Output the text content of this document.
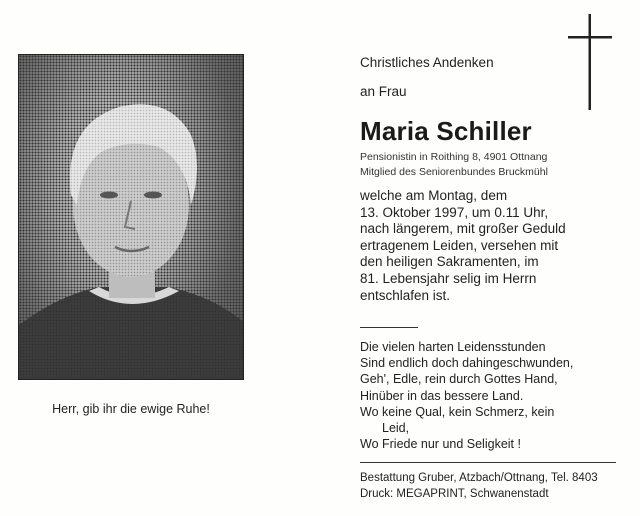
Herr, gib ihr die ewige Ruhe!
Christliches Andenken
an Frau
Maria Schiller
Pensionistin in Roithing 8, 4901 Ottnang
Mitglied des Seniorenbundes Bruckmühl
welche am Montag, dem
13. Oktober 1997, um 0.11 Uhr,
nach längerem, mit großer Geduld
ertragenem Leiden, versehen mit
den heiligen Sakramenten, im
81. Lebensjahr selig im Herrn
entschlafen ist.
Die vielen harten Leidensstunden
Sind endlich doch dahingeschwunden,
Geh', Edle, rein durch Gottes Hand,
Hinüber in das bessere Land.
Wo keine Qual, kein Schmerz, kein
Leid,
Wo Friede nur und Seligkeit !
Bestattung Gruber, Atzbach/Ottnang, Tel. 8403
Druck: MEGAPRINT, Schwanenstadt
